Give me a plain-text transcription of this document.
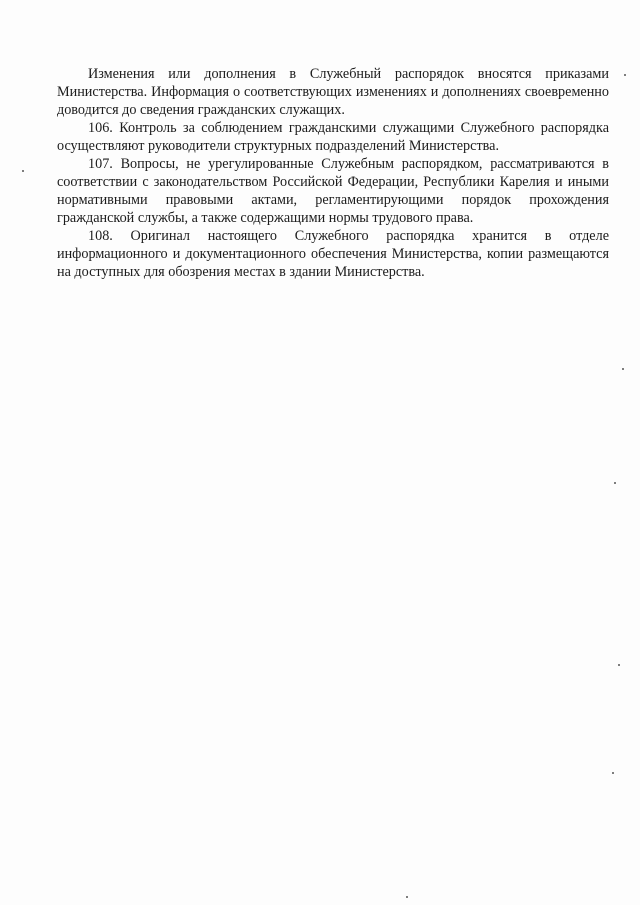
Изменения или дополнения в Служебный распорядок вносятся приказами Министерства. Информация о соответствующих изменениях и дополнениях своевременно доводится до сведения гражданских служащих.

106. Контроль за соблюдением гражданскими служащими Служебного распорядка осуществляют руководители структурных подразделений Министерства.

107. Вопросы, не урегулированные Служебным распорядком, рассматриваются в соответствии с законодательством Российской Федерации, Республики Карелия и иными нормативными правовыми актами, регламентирующими порядок прохождения гражданской службы, а также содержащими нормы трудового права.

108. Оригинал настоящего Служебного распорядка хранится в отделе информационного и документационного обеспечения Министерства, копии размещаются на доступных для обозрения местах в здании Министерства.
